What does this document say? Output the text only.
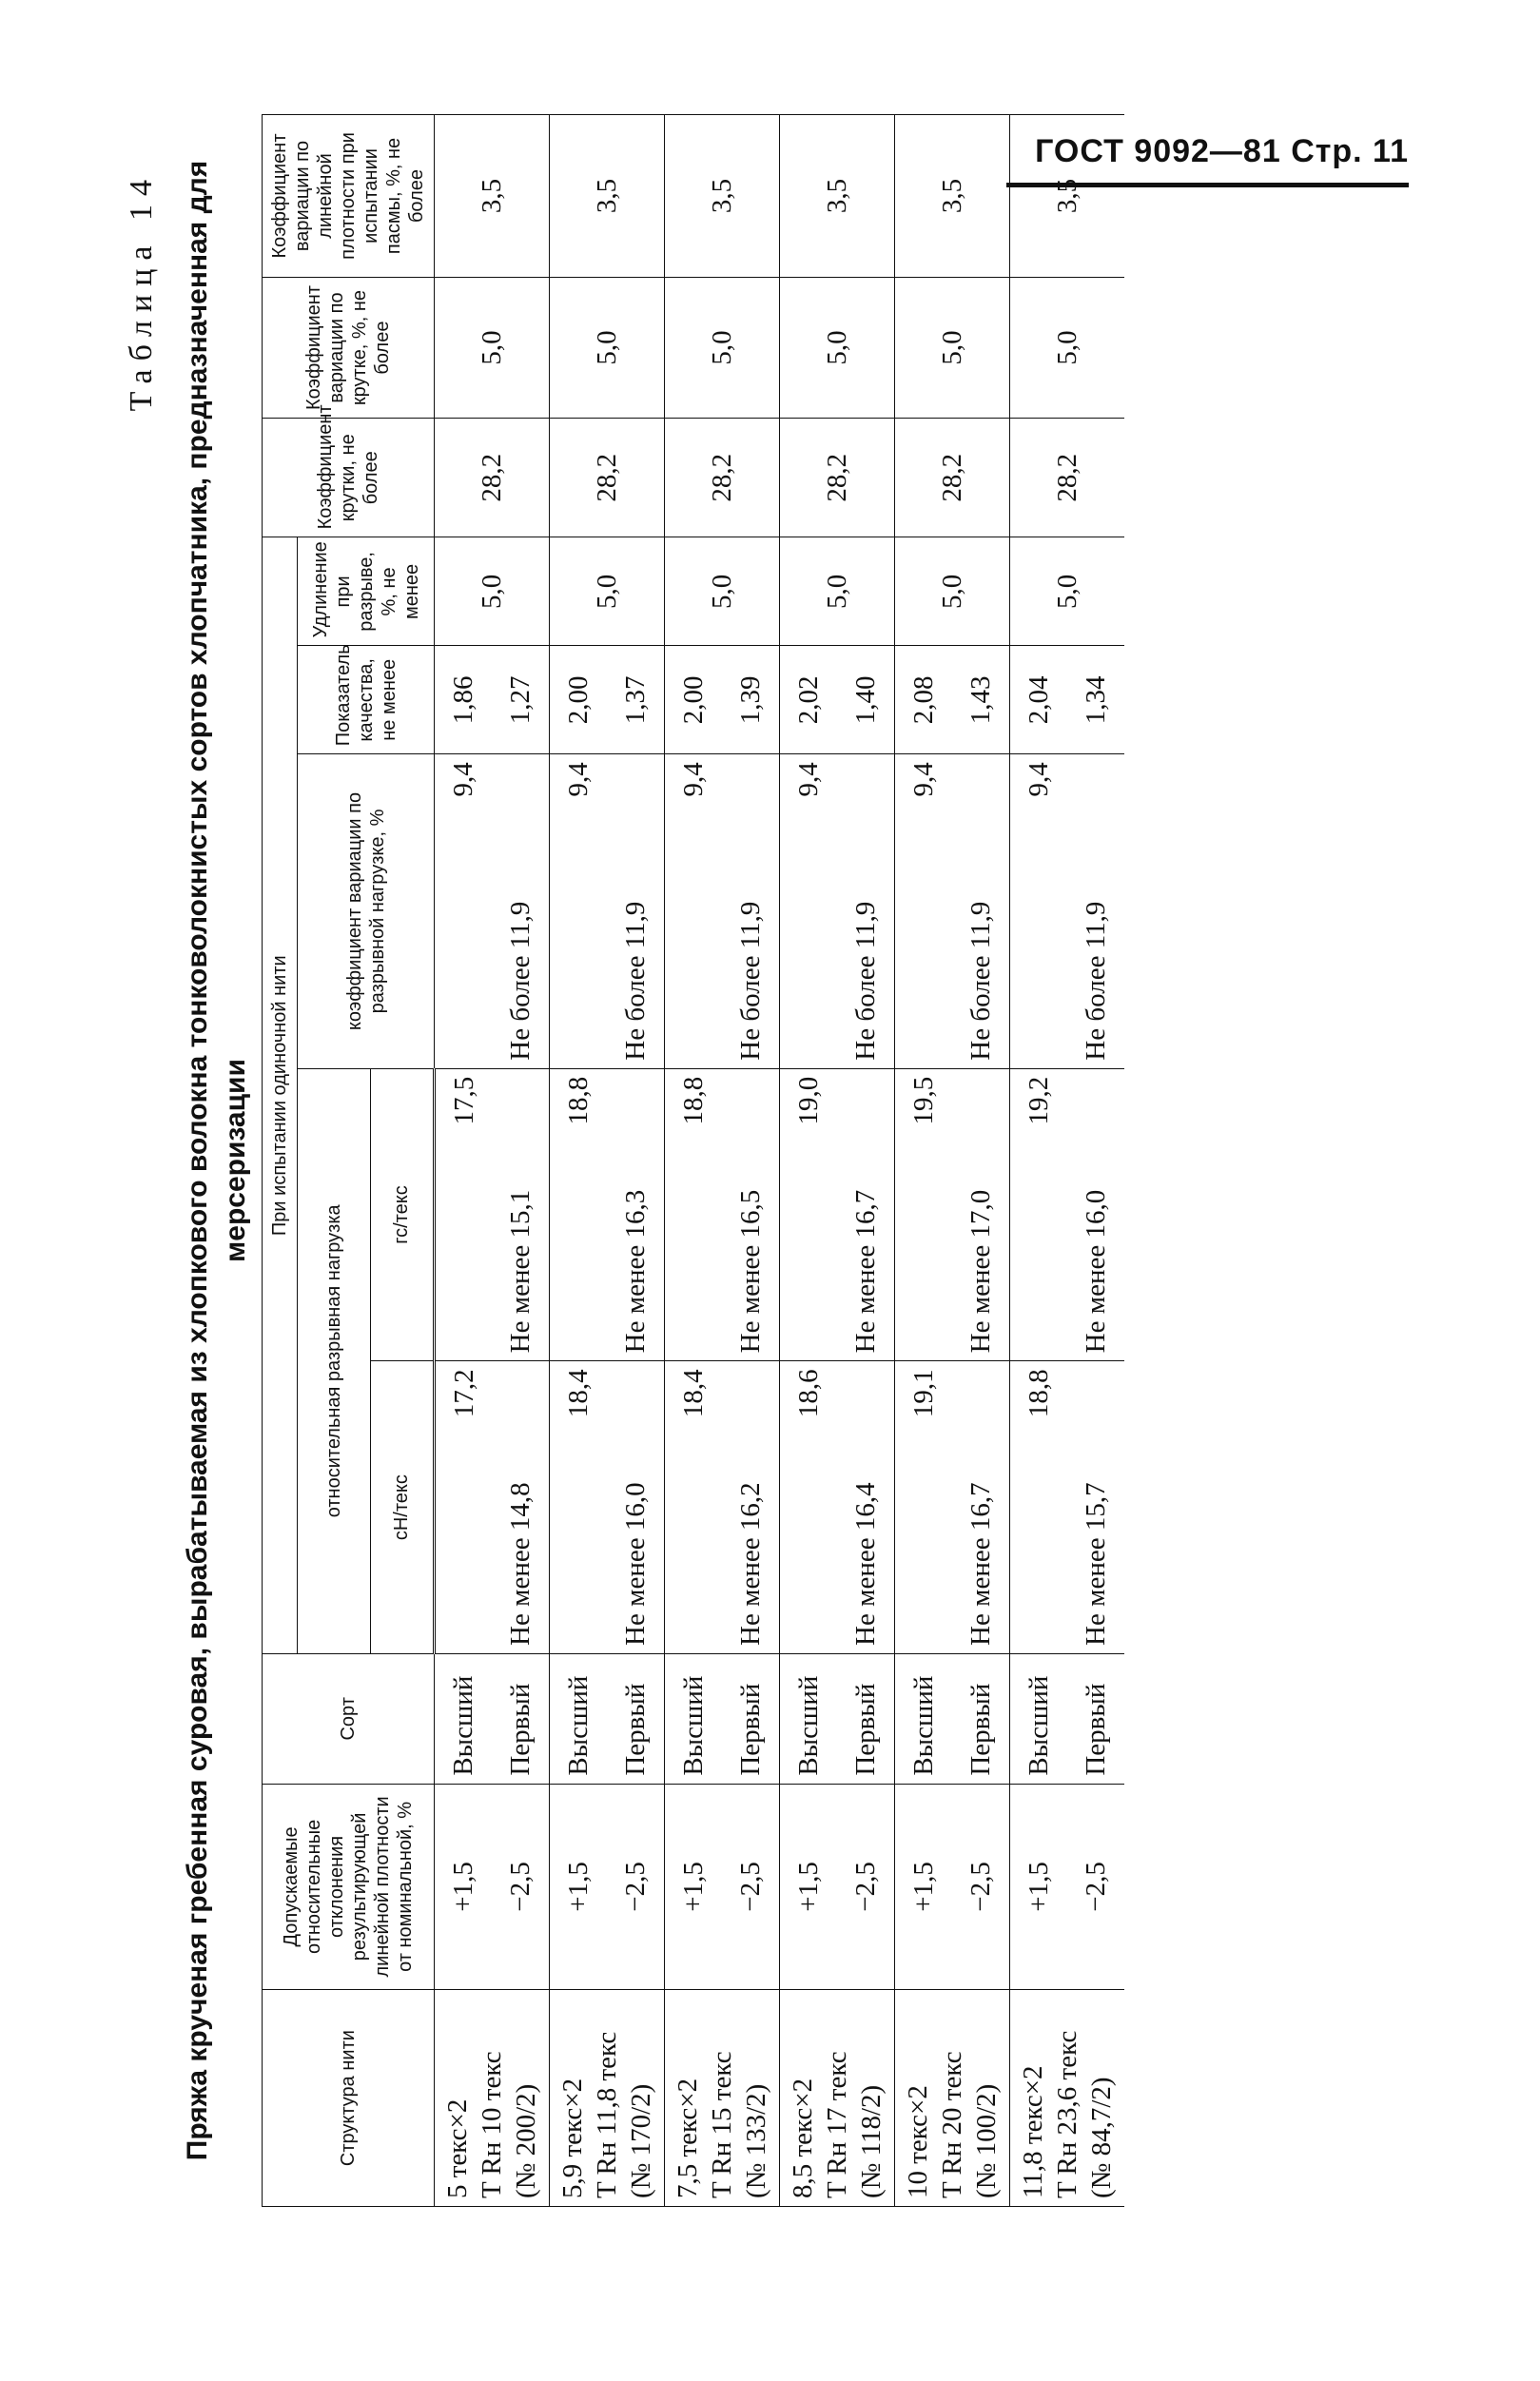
ГОСТ 9092—81 Стр. 11
Таблица 14 Пряжа крученая гребенная суровая, вырабатываемая из хлопкового волокна тонковолокнистых сортов хлопчатника, предназначенная для мерсеризации
Структура нити	Допускаемые относительные отклонения результирующей линейной плотности от номинальной, %	Сорт	При испытании одиночной нити					Коэффициент крутки, не более	Коэффициент вариации по крутке, %, не более	Коэффициент вариации по линейной плотности при испытании пасмы, %, не более
			относительная разрывная нагрузка		коэффициент вариации по разрывной нагрузке, %	Показатель качества, не менее	Удлинение при разрыве, %, не менее			
			сН/текс	гс/текс						
5 текс×2
T Rн 10 текс
(№ 200/2)	+1,5	Высший	17,2	17,5	9,4	1,86	5,0	28,2	5,0	3,5
	−2,5	Первый	Не менее 14,8	Не менее 15,1	Не более 11,9	1,27				
5,9 текс×2
T Rн 11,8 текс
(№ 170/2)	+1,5	Высший	18,4	18,8	9,4	2,00	5,0	28,2	5,0	3,5
	−2,5	Первый	Не менее 16,0	Не менее 16,3	Не более 11,9	1,37				
7,5 текс×2
T Rн 15 текс
(№ 133/2)	+1,5	Высший	18,4	18,8	9,4	2,00	5,0	28,2	5,0	3,5
	−2,5	Первый	Не менее 16,2	Не менее 16,5	Не более 11,9	1,39				
8,5 текс×2
T Rн 17 текс
(№ 118/2)	+1,5	Высший	18,6	19,0	9,4	2,02	5,0	28,2	5,0	3,5
	−2,5	Первый	Не менее 16,4	Не менее 16,7	Не более 11,9	1,40				
10 текс×2
T Rн 20 текс
(№ 100/2)	+1,5	Высший	19,1	19,5	9,4	2,08	5,0	28,2	5,0	3,5
	−2,5	Первый	Не менее 16,7	Не менее 17,0	Не более 11,9	1,43				
11,8 текс×2
T Rн 23,6 текс
(№ 84,7/2)	+1,5	Высший	18,8	19,2	9,4	2,04	5,0	28,2	5,0	3,5
	−2,5	Первый	Не менее 15,7	Не менее 16,0	Не более 11,9	1,34				
